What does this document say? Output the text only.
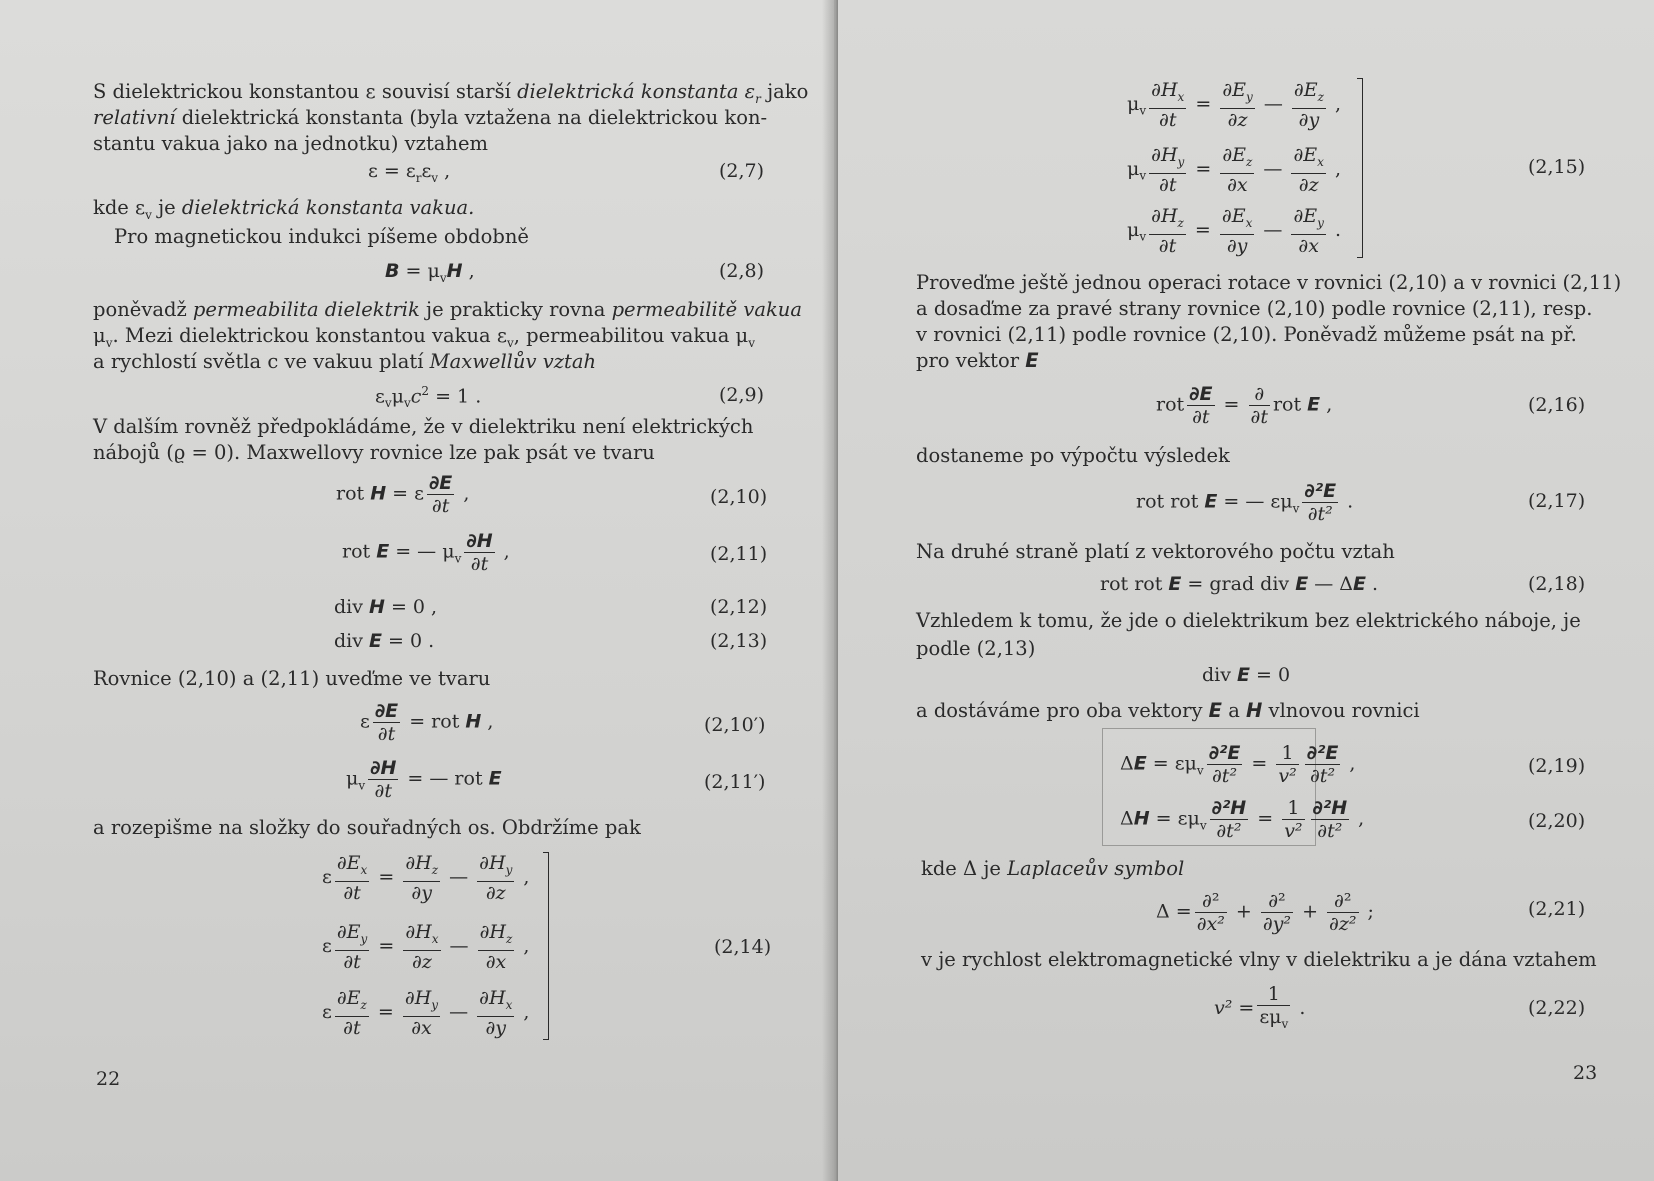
S dielektrickou konstantou ε souvisí starší dielektrická konstanta $\varepsilon_r$ jako
relativní dielektrická konstanta (byla vztažena na dielektrickou kon-
stantu vakua jako na jednotku) vztahem
$\varepsilon = \varepsilon_r\varepsilon_v$ ,	(2,7)
kde $\varepsilon_v$ je dielektrická konstanta vakua.
Pro magnetickou indukci píšeme obdobně
$B = \mu_vH$ ,	(2,8)
poněvadž permeabilita dielektrik je prakticky rovna permeabilitě vakua
$\mu_v$. Mezi dielektrickou konstantou vakua $\varepsilon_v$, permeabilitou vakua $\mu_v$
a rychlostí světla c ve vakuu platí Maxwellův vztah
$\varepsilon_v\mu_vc^2 = 1$ .	(2,9)
V dalším rovněž předpokládáme, že v dielektriku není elektrických
nábojů (ϱ = 0). Maxwellovy rovnice lze pak psát ve tvaru
rot H = ε $\frac{\partial E}{\partial t}$ ,	(2,10)
rot E = — $\mu_v \frac{\partial H}{\partial t}$ ,	(2,11)
div H = 0 ,	(2,12)
div E = 0 .	(2,13)
Rovnice (2,10) a (2,11) uveďme ve tvaru
ε $\frac{\partial E}{\partial t}$ = rot H ,	(2,10′)
$\mu_v \frac{\partial H}{\partial t}$ = — rot E	(2,11′)
a rozepišme na složky do souřadných os. Obdržíme pak
ε $\frac{\partial E_x}{\partial t} = \frac{\partial H_z}{\partial y}$ — $\frac{\partial H_y}{\partial z}$ ,
ε $\frac{\partial E_y}{\partial t} = \frac{\partial H_x}{\partial z}$ — $\frac{\partial H_z}{\partial x}$ ,
ε $\frac{\partial E_z}{\partial t} = \frac{\partial H_y}{\partial x}$ — $\frac{\partial H_x}{\partial y}$ ,
(2,14)
22
$\mu_v \frac{\partial H_x}{\partial t} = \frac{\partial E_y}{\partial z}$ — $\frac{\partial E_z}{\partial y}$ ,
$\mu_v \frac{\partial H_y}{\partial t} = \frac{\partial E_z}{\partial x}$ — $\frac{\partial E_x}{\partial z}$ ,
$\mu_v \frac{\partial H_z}{\partial t} = \frac{\partial E_x}{\partial y}$ — $\frac{\partial E_y}{\partial x}$ .
(2,15)
Proveďme ještě jednou operaci rotace v rovnici (2,10) a v rovnici (2,11)
a dosaďme za pravé strany rovnice (2,10) podle rovnice (2,11), resp.
v rovnici (2,11) podle rovnice (2,10). Poněvadž můžeme psát na př.
pro vektor E
rot $\frac{\partial E}{\partial t} = \frac{\partial}{\partial t}$ rot E ,	(2,16)
dostaneme po výpočtu výsledek
rot rot E = — $\varepsilon\mu_v \frac{\text{∂²E}}{\text{∂t²}}$ .	(2,17)
Na druhé straně platí z vektorového počtu vztah
rot rot E = grad div E — ΔE .	(2,18)
Vzhledem k tomu, že jde o dielektrikum bez elektrického náboje, je
podle (2,13)
div E = 0
a dostáváme pro oba vektory E a H vlnovou rovnici
$\Delta E = \varepsilon\mu_v \frac{\text{∂²E}}{\text{∂t²}} = \frac{1}{\text{v²}} \frac{\text{∂²E}}{\text{∂t²}}$ ,	(2,19)
$\Delta H = \varepsilon\mu_v \frac{\text{∂²H}}{\text{∂t²}} = \frac{1}{\text{v²}} \frac{\text{∂²H}}{\text{∂t²}}$ ,	(2,20)
kde Δ je Laplaceův symbol
$\Delta = \frac{\text{∂²}}{\text{∂x²}} + \frac{\text{∂²}}{\text{∂y²}} + \frac{\text{∂²}}{\text{∂z²}}$ ;	(2,21)
v je rychlost elektromagnetické vlny v dielektriku a je dána vztahem
$v^2 = \frac{1}{\varepsilon\mu_v}$ .	(2,22)
23
